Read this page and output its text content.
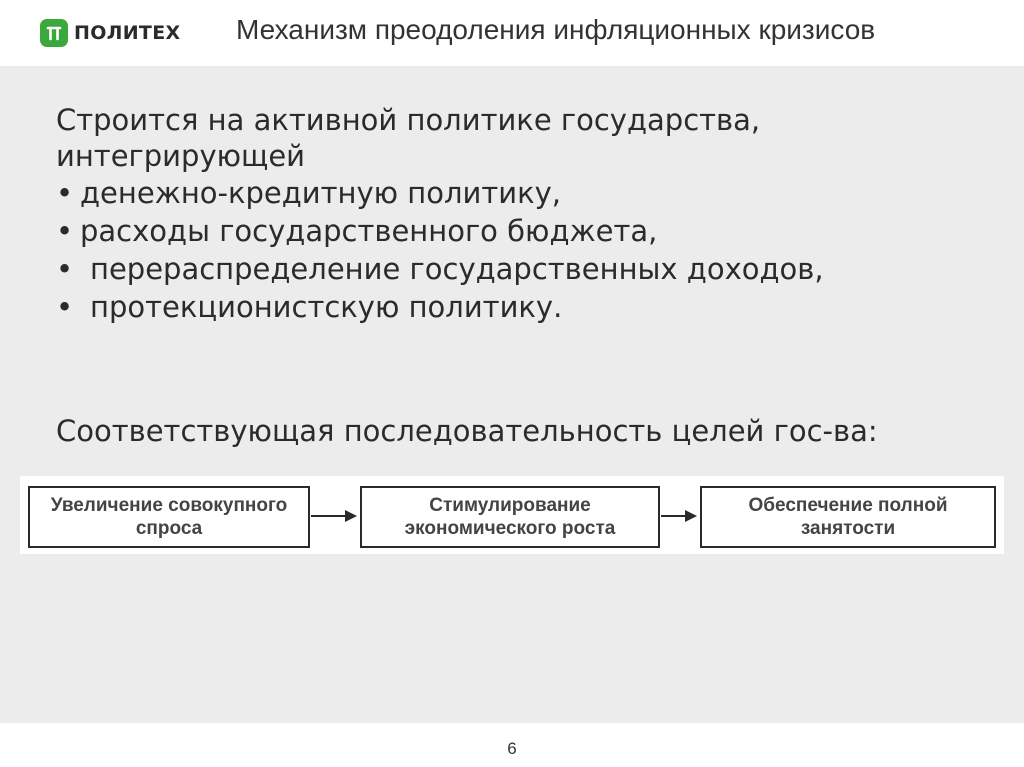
ПОЛИТЕХ Механизм преодоления инфляционных кризисов
Строится на активной политике государства,
интегрирующей
• денежно-кредитную политику,
• расходы государственного бюджета,
• перераспределение государственных доходов,
• протекционистскую политику.
Соответствующая последовательность целей гос-ва:
Увеличение совокупного спроса
Стимулирование экономического роста
Обеспечение полной занятости
6
